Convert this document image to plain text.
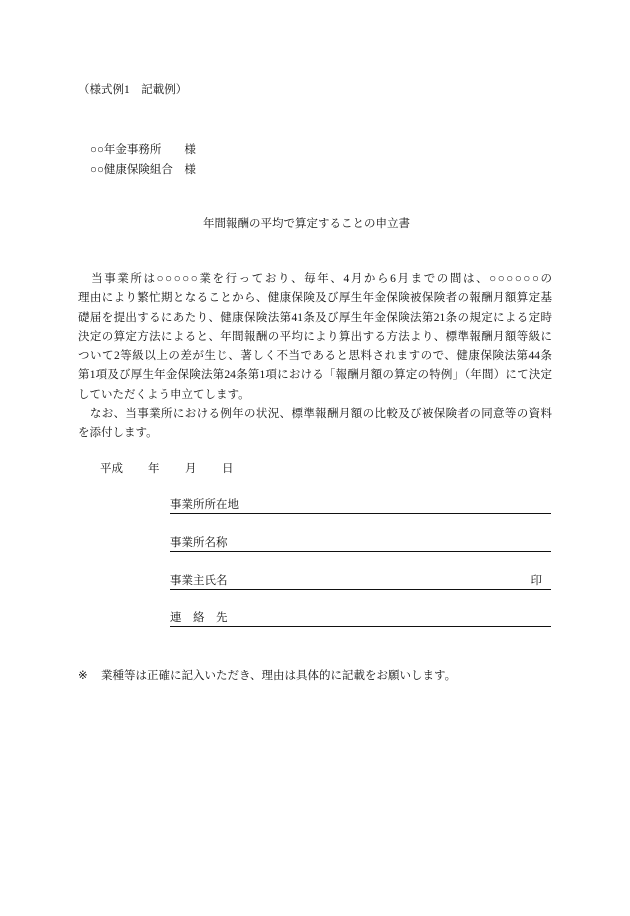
（様式例1　記載例）
○○年金事務所　　様
○○健康保険組合　様
年間報酬の平均で算定することの申立書
　当事業所は○○○○○業を行っており、毎年、4月から6月までの間は、○○○○○○の
理由により繁忙期となることから、健康保険及び厚生年金保険被保険者の報酬月額算定基
礎届を提出するにあたり、健康保険法第41条及び厚生年金保険法第21条の規定による定時
決定の算定方法によると、年間報酬の平均により算出する方法より、標準報酬月額等級に
ついて2等級以上の差が生じ、著しく不当であると思料されますので、健康保険法第44条
第1項及び厚生年金保険法第24条第1項における「報酬月額の算定の特例」（年間）にて決定
していただくよう申立てします。
　なお、当事業所における例年の状況、標準報酬月額の比較及び被保険者の同意等の資料
を添付します。
平成 年 月 日
事業所所在地
事業所名称
事業主氏名	印
連　絡　先
※ 業種等は正確に記入いただき、理由は具体的に記載をお願いします。
